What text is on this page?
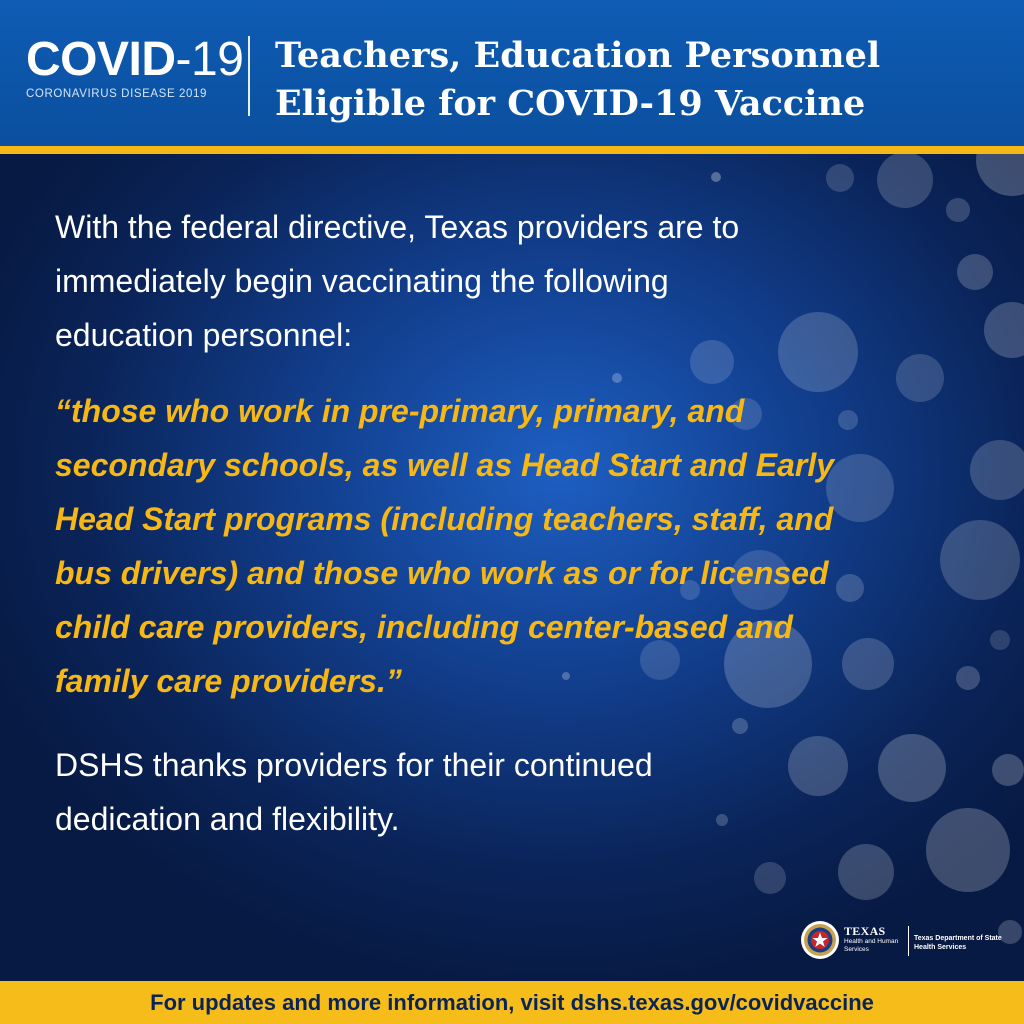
COVID-19
CORONAVIRUS DISEASE 2019
Teachers, Education Personnel
Eligible for COVID-19 Vaccine
With the federal directive, Texas providers are to
immediately begin vaccinating the following
education personnel:
“those who work in pre-primary, primary, and
secondary schools, as well as Head Start and Early
Head Start programs (including teachers, staff, and
bus drivers) and those who work as or for licensed
child care providers, including center-based and
family care providers.”
DSHS thanks providers for their continued
dedication and flexibility.
TEXAS
Health and Human
Services
Texas Department of State
Health Services
For updates and more information, visit dshs.texas.gov/covidvaccine
